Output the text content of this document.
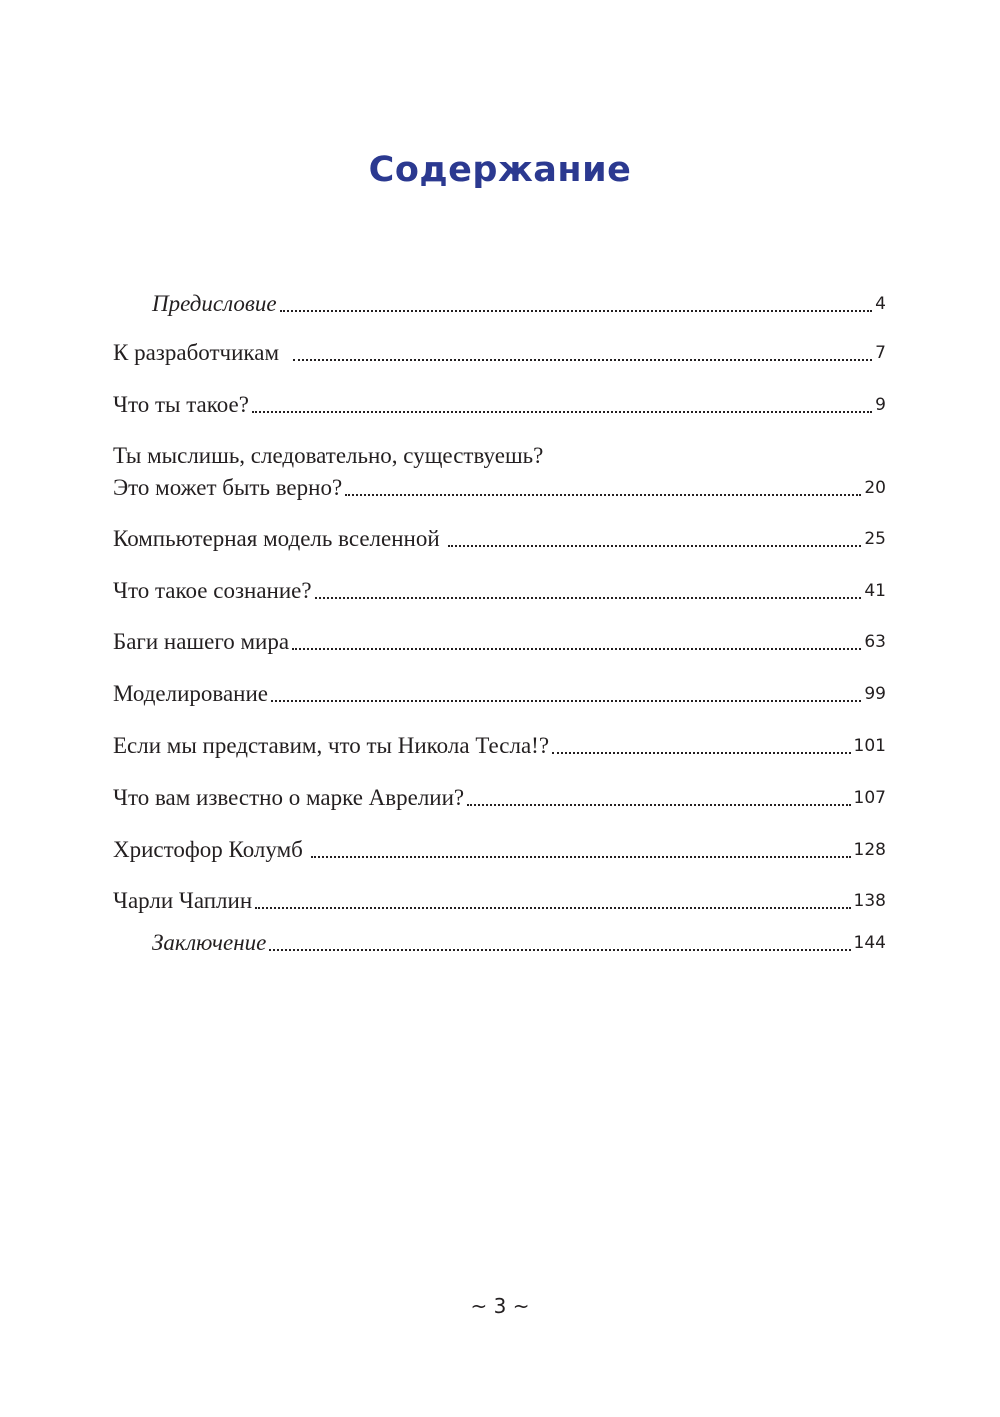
Содержание
Предисловие	4
К разработчикам	7
Что ты такое?	9
Ты мыслишь, следовательно, существуешь?
Это может быть верно?	20
Компьютерная модель вселенной	25
Что такое сознание?	41
Баги нашего мира	63
Моделирование	99
Если мы представим, что ты Никола Тесла!?	101
Что вам известно о марке Аврелии?	107
Христофор Колумб	128
Чарли Чаплин	138
Заключение	144
~ 3 ~
